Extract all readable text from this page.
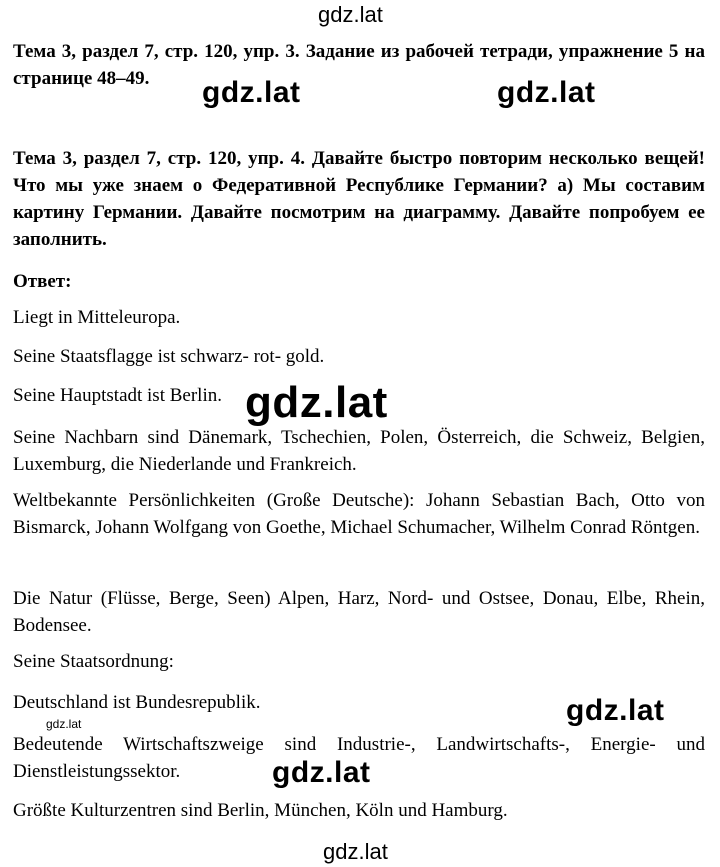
gdz.lat
gdz.lat	gdz.lat
gdz.lat
gdz.lat
gdz.lat
gdz.lat
gdz.lat

Тема 3, раздел 7, стр. 120, упр. 3. Задание из рабочей тетради, упражнение 5 на странице 48–49.

Тема 3, раздел 7, стр. 120, упр. 4. Давайте быстро повторим несколько вещей! Что мы уже знаем о Федеративной Республике Германии? а) Мы составим картину Германии. Давайте посмотрим на диаграмму. Давайте попробуем ее заполнить.

Ответ:

Liegt in Mitteleuropa.

Seine Staatsflagge ist schwarz- rot- gold.

Seine Hauptstadt ist Berlin.

Seine Nachbarn sind Dänemark, Tschechien, Polen, Österreich, die Schweiz, Belgien, Luxemburg, die Niederlande und Frankreich.

Weltbekannte Persönlichkeiten (Große Deutsche): Johann Sebastian Bach, Otto von Bismarck, Johann Wolfgang von Goethe, Michael Schumacher, Wilhelm Conrad Röntgen.

Die Natur (Flüsse, Berge, Seen) Alpen, Harz, Nord- und Ostsee, Donau, Elbe, Rhein, Bodensee.

Seine Staatsordnung:

Deutschland ist Bundesrepublik.

Bedeutende Wirtschaftszweige sind Industrie-, Landwirtschafts-, Energie- und Dienstleistungssektor.

Größte Kulturzentren sind Berlin, München, Köln und Hamburg.
